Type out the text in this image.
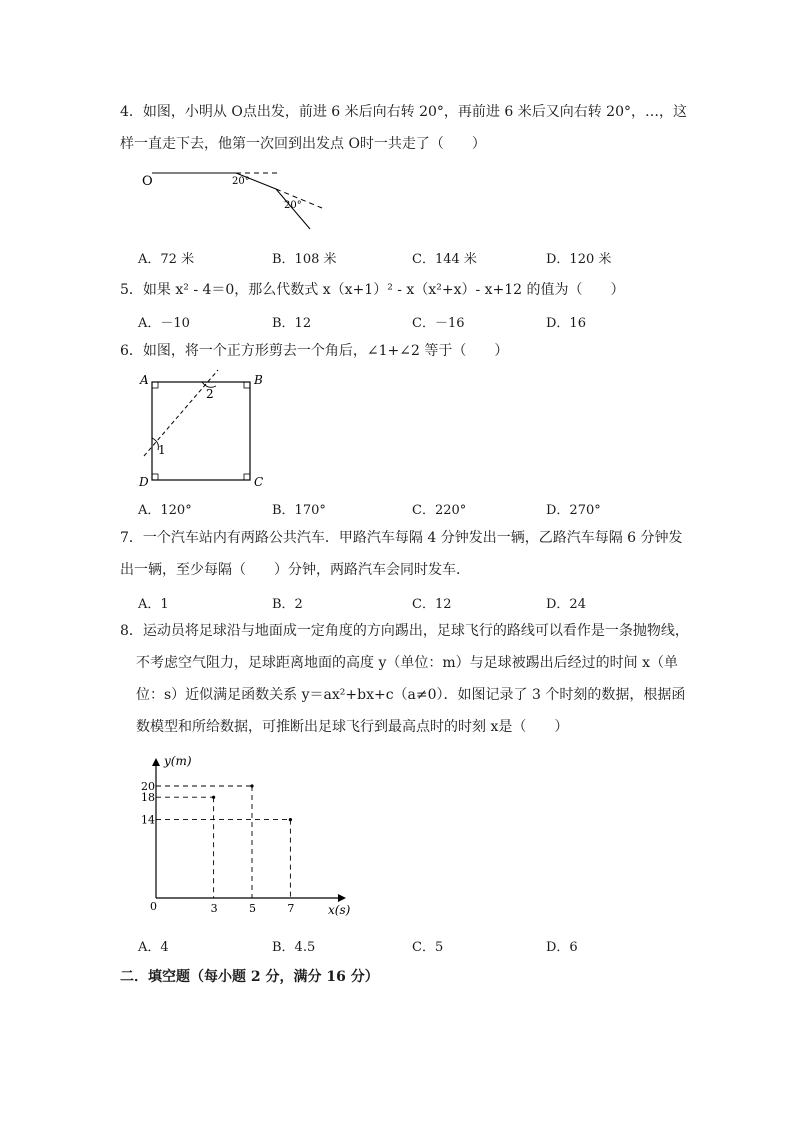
4．如图，小明从 O点出发，前进 6 米后向右转 20°，再前进 6 米后又向右转 20°，…，这
样一直走下去，他第一次回到出发点 O时一共走了（　　）
O	20°
20°
A．72 米	B．108 米	C．144 米	D．120 米
5．如果 x² - 4＝0，那么代数式 x（x+1）² - x（x²+x）- x+12 的值为（　　）
A．－10	B．12	C．－16	D．16
6．如图，将一个正方形剪去一个角后，∠1+∠2 等于（　　）
A	B
C
D
1
2
A．120°	B．170°	C．220°	D．270°
7．一个汽车站内有两路公共汽车．甲路汽车每隔 4 分钟发出一辆，乙路汽车每隔 6 分钟发
出一辆，至少每隔（　　）分钟，两路汽车会同时发车．
A．1	B．2	C．12	D．24
8．运动员将足球沿与地面成一定角度的方向踢出，足球飞行的路线可以看作是一条抛物线，
不考虑空气阻力，足球距离地面的高度 y（单位：m）与足球被踢出后经过的时间 x（单
位：s）近似满足函数关系 y＝ax²+bx+c（a≠0）．如图记录了 3 个时刻的数据，根据函
数模型和所给数据，可推断出足球飞行到最高点时的时刻 x是（　　）
y(m)
x(s)
0	3	5	7
20
18
14
A．4	B．4.5	C．5	D．6
二．填空题（每小题 2 分，满分 16 分）
